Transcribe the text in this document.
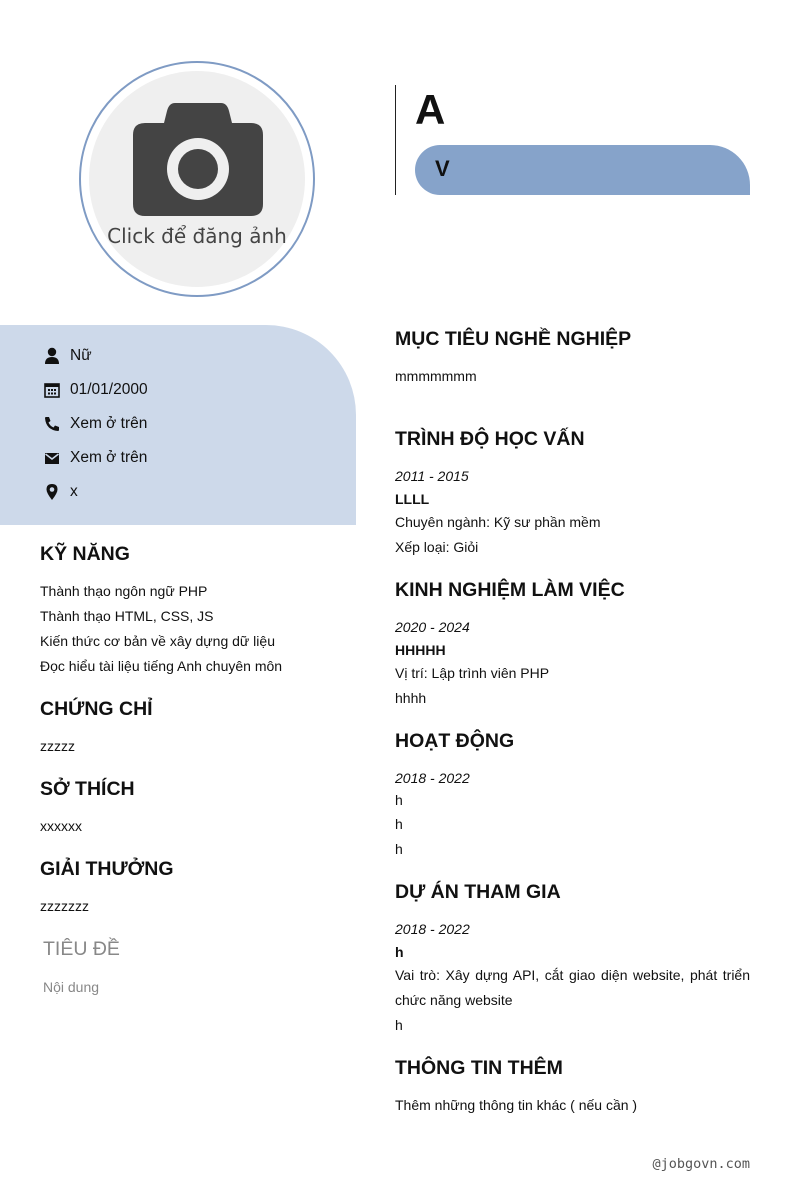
Click để đăng ảnh
A
V
Nữ
01/01/2000
Xem ở trên
Xem ở trên
x
KỸ NĂNG
Thành thạo ngôn ngữ PHP
Thành thạo HTML, CSS, JS
Kiến thức cơ bản về xây dựng dữ liệu
Đọc hiểu tài liệu tiếng Anh chuyên môn
CHỨNG CHỈ
zzzzz
SỞ THÍCH
xxxxxx
GIẢI THƯỞNG
zzzzzzz
TIÊU ĐỀ
Nội dung
MỤC TIÊU NGHỀ NGHIỆP
mmmmmmm
TRÌNH ĐỘ HỌC VẤN
2011 - 2015
LLLL
Chuyên ngành: Kỹ sư phần mềm
Xếp loại: Giỏi
KINH NGHIỆM LÀM VIỆC
2020 - 2024
HHHHH
Vị trí: Lập trình viên PHP
hhhh
HOẠT ĐỘNG
2018 - 2022
h
h
h
DỰ ÁN THAM GIA
2018 - 2022
h
Vai trò: Xây dựng API, cắt giao diện website, phát triển chức năng website
h
THÔNG TIN THÊM
Thêm những thông tin khác ( nếu cần )
@jobgovn.com
